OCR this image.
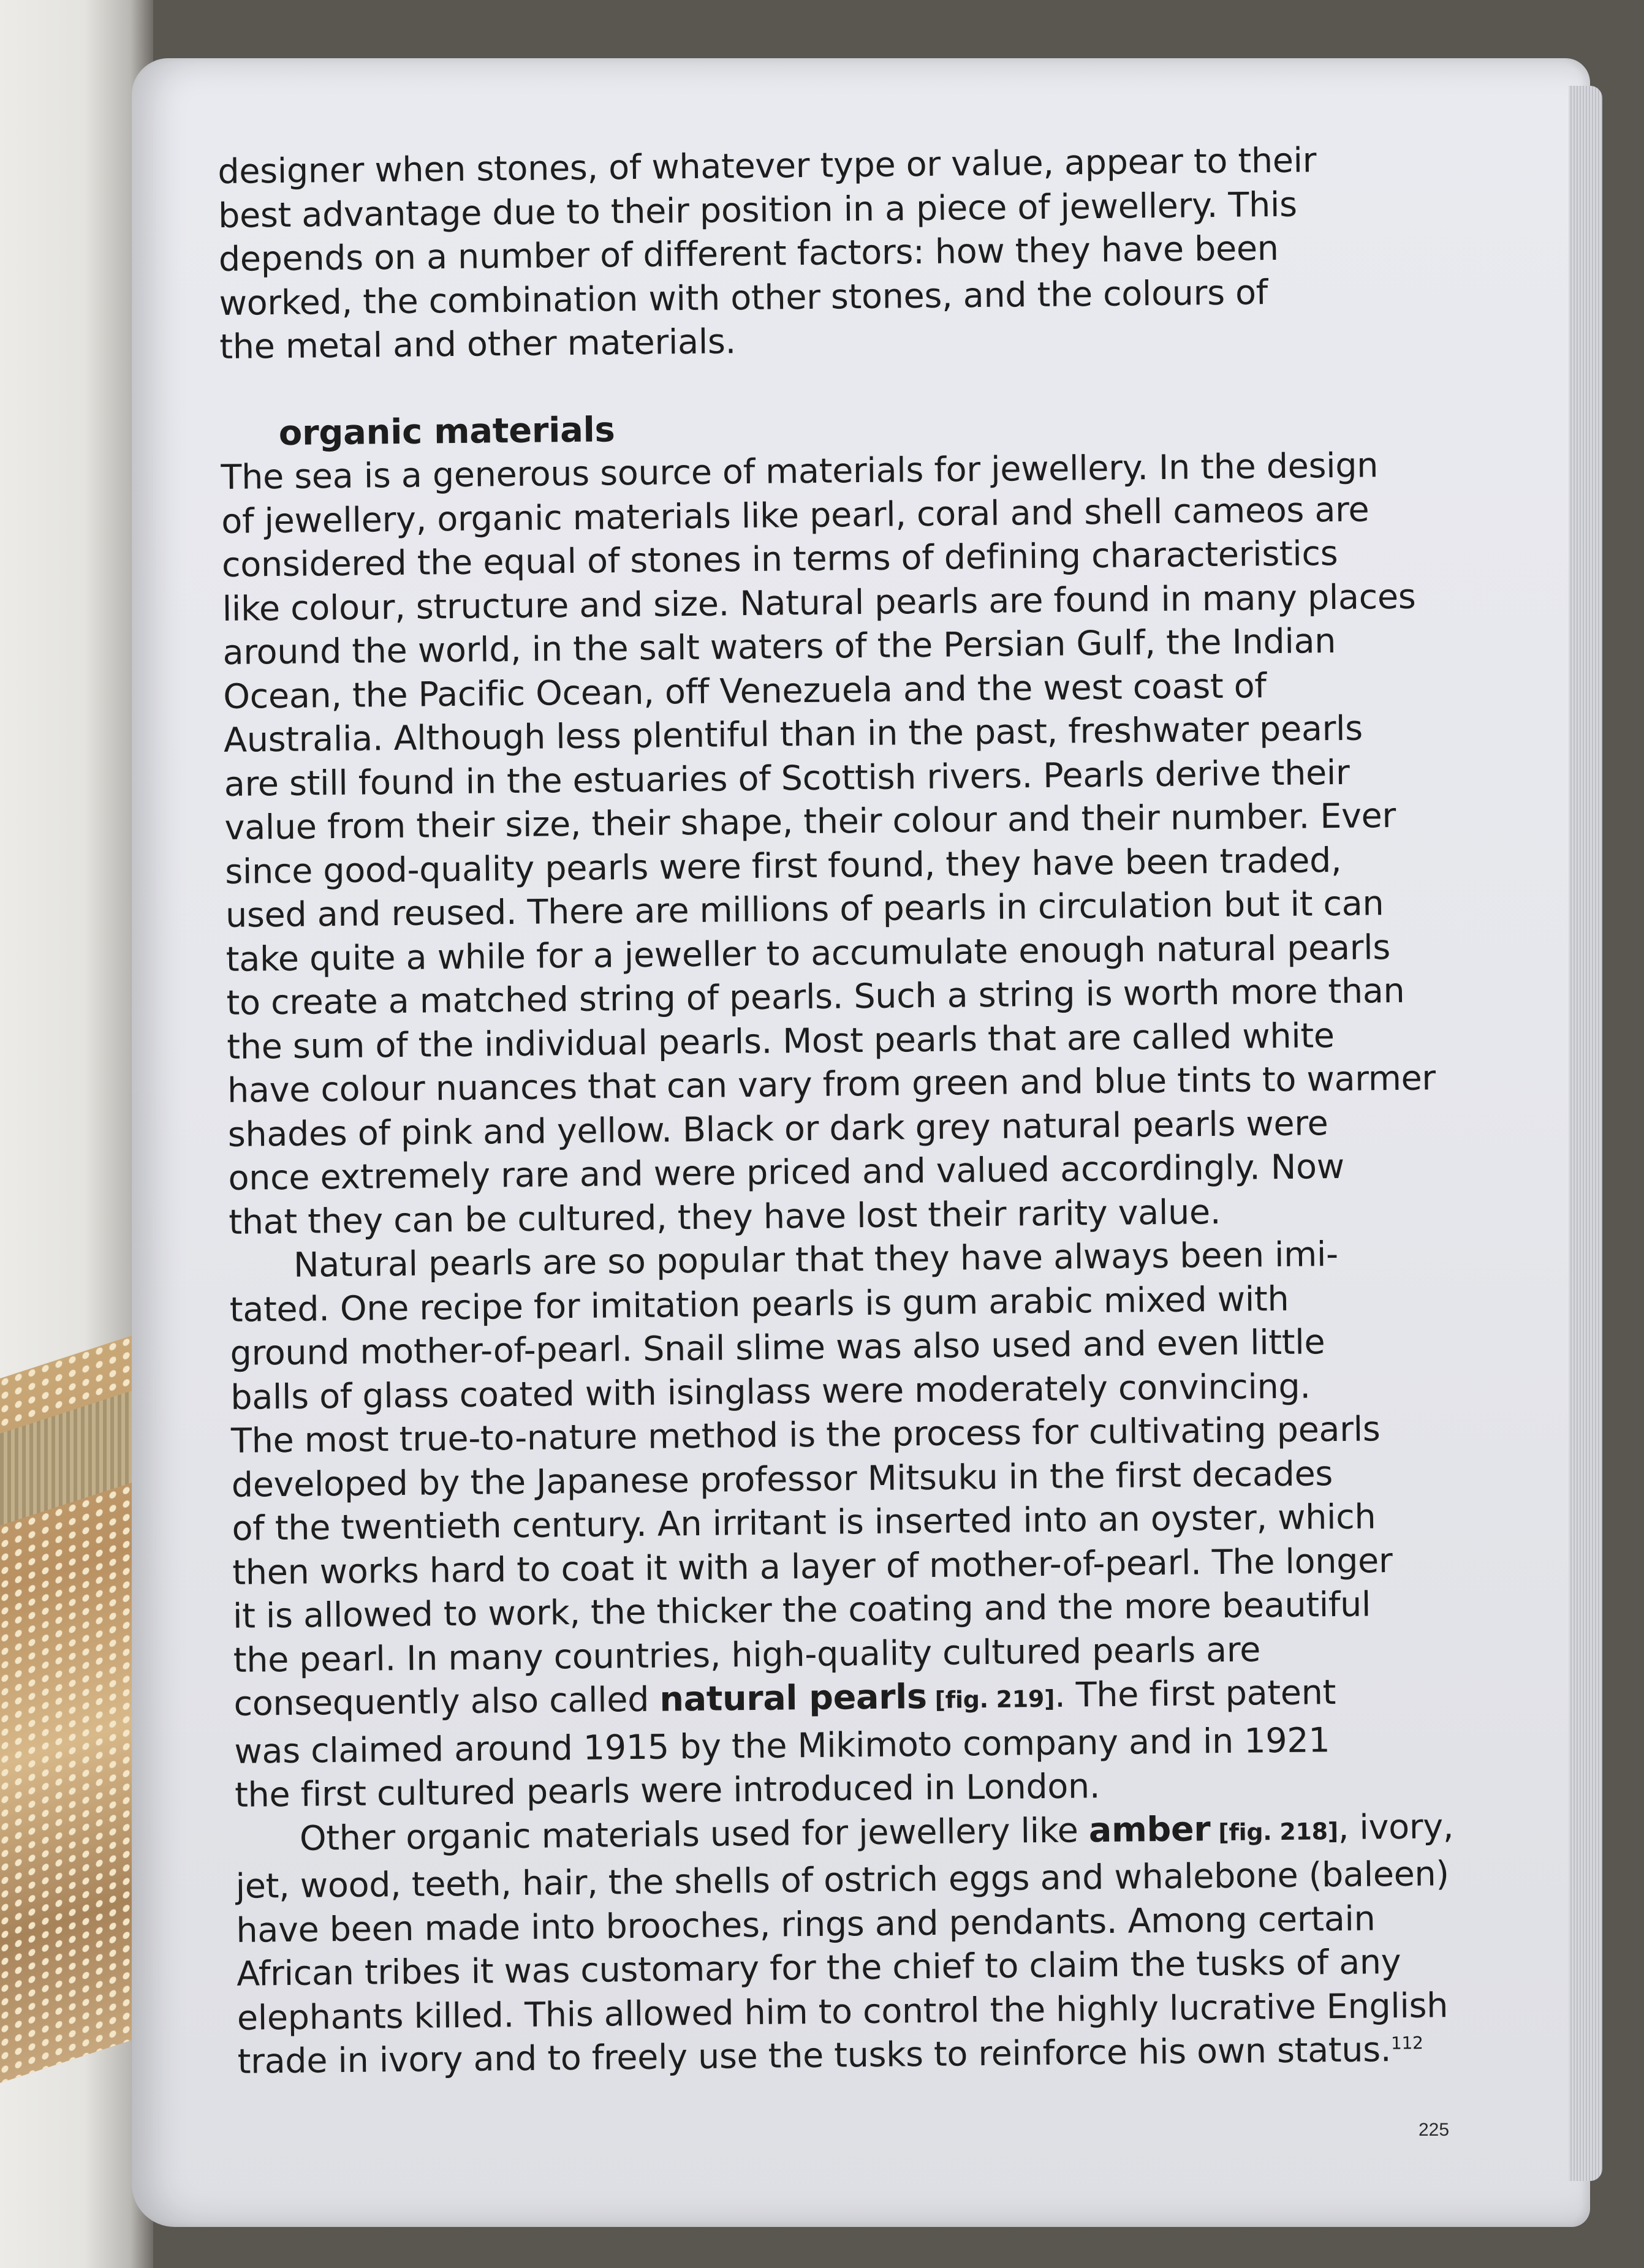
designer when stones, of whatever type or value, appear to their
best advantage due to their position in a piece of jewellery. This
depends on a number of different factors: how they have been
worked, the combination with other stones, and the colours of
the metal and other materials.
organic materials
The sea is a generous source of materials for jewellery. In the design
of jewellery, organic materials like pearl, coral and shell cameos are
considered the equal of stones in terms of defining characteristics
like colour, structure and size. Natural pearls are found in many places
around the world, in the salt waters of the Persian Gulf, the Indian
Ocean, the Pacific Ocean, off Venezuela and the west coast of
Australia. Although less plentiful than in the past, freshwater pearls
are still found in the estuaries of Scottish rivers. Pearls derive their
value from their size, their shape, their colour and their number. Ever
since good-quality pearls were first found, they have been traded,
used and reused. There are millions of pearls in circulation but it can
take quite a while for a jeweller to accumulate enough natural pearls
to create a matched string of pearls. Such a string is worth more than
the sum of the individual pearls. Most pearls that are called white
have colour nuances that can vary from green and blue tints to warmer
shades of pink and yellow. Black or dark grey natural pearls were
once extremely rare and were priced and valued accordingly. Now
that they can be cultured, they have lost their rarity value.
Natural pearls are so popular that they have always been imi-
tated. One recipe for imitation pearls is gum arabic mixed with
ground mother-of-pearl. Snail slime was also used and even little
balls of glass coated with isinglass were moderately convincing.
The most true-to-nature method is the process for cultivating pearls
developed by the Japanese professor Mitsuku in the first decades
of the twentieth century. An irritant is inserted into an oyster, which
then works hard to coat it with a layer of mother-of-pearl. The longer
it is allowed to work, the thicker the coating and the more beautiful
the pearl. In many countries, high-quality cultured pearls are
consequently also called natural pearls [fig. 219]. The first patent
was claimed around 1915 by the Mikimoto company and in 1921
the first cultured pearls were introduced in London.
Other organic materials used for jewellery like amber [fig. 218], ivory,
jet, wood, teeth, hair, the shells of ostrich eggs and whalebone (baleen)
have been made into brooches, rings and pendants. Among certain
African tribes it was customary for the chief to claim the tusks of any
elephants killed. This allowed him to control the highly lucrative English
trade in ivory and to freely use the tusks to reinforce his own status.$^{112}$
225
